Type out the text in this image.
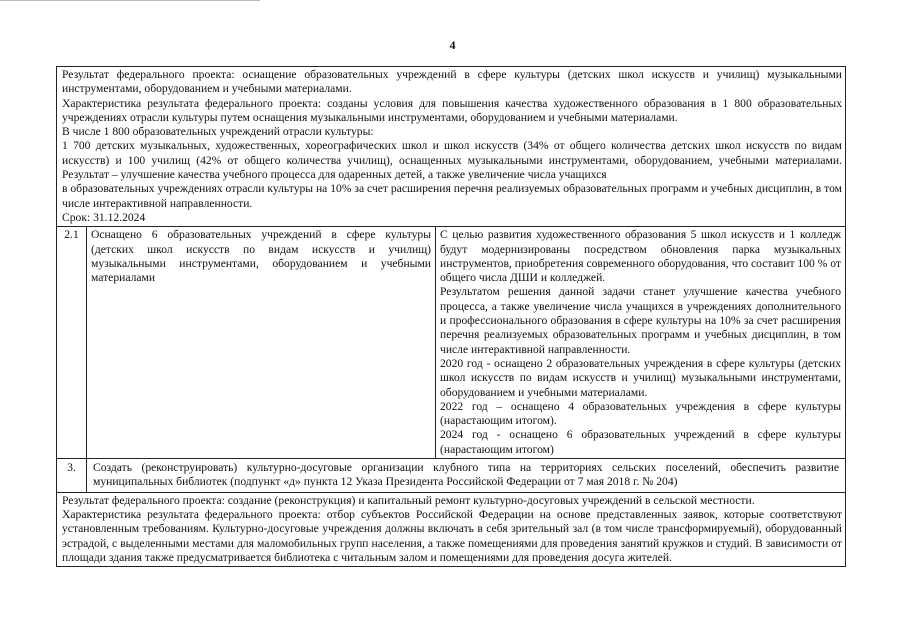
4

Результат федерального проекта: оснащение образовательных учреждений в сфере культуры (детских школ искусств и училищ) музыкальными инструментами, оборудованием и учебными материалами.

Характеристика результата федерального проекта: созданы условия для повышения качества художественного образования в 1 800 образовательных учреждениях отрасли культуры путем оснащения музыкальными инструментами, оборудованием и учебными материалами.

В числе 1 800 образовательных учреждений отрасли культуры:

1 700 детских музыкальных, художественных, хореографических школ и школ искусств (34% от общего количества детских школ искусств по видам искусств) и 100 училищ (42% от общего количества училищ), оснащенных музыкальными инструментами, оборудованием, учебными материалами. Результат – улучшение качества учебного процесса для одаренных детей, а также увеличение числа учащихся

в образовательных учреждениях отрасли культуры на 10% за счет расширения перечня реализуемых образовательных программ и учебных дисциплин, в том числе интерактивной направленности.

Срок: 31.12.2024

2.1	Оснащено 6 образовательных учреждений в сфере культуры (детских школ искусств по видам искусств и училищ) музыкальными инструментами, оборудованием и учебными материалами

С целью развития художественного образования 5 школ искусств и 1 колледж будут модернизированы посредством обновления парка музыкальных инструментов, приобретения современного оборудования, что составит 100 % от общего числа ДШИ и колледжей.

Результатом решения данной задачи станет улучшение качества учебного процесса, а также увеличение числа учащихся в учреждениях дополнительного и профессионального образования в сфере культуры на 10% за счет расширения перечня реализуемых образовательных программ и учебных дисциплин, в том числе интерактивной направленности.

2020 год - оснащено 2 образовательных учреждения в сфере культуры (детских школ искусств по видам искусств и училищ) музыкальными инструментами, оборудованием и учебными материалами.

2022 год – оснащено 4 образовательных учреждения в сфере культуры (нарастающим итогом).

2024 год - оснащено 6 образовательных учреждений в сфере культуры (нарастающим итогом)

3.	Создать (реконструировать) культурно-досуговые организации клубного типа на территориях сельских поселений, обеспечить развитие муниципальных библиотек (подпункт «д» пункта 12 Указа Президента Российской Федерации от 7 мая 2018 г. № 204)

Результат федерального проекта: создание (реконструкция) и капитальный ремонт культурно-досуговых учреждений в сельской местности.

Характеристика результата федерального проекта: отбор субъектов Российской Федерации на основе представленных заявок, которые соответствуют установленным требованиям. Культурно-досуговые учреждения должны включать в себя зрительный зал (в том числе трансформируемый), оборудованный эстрадой, с выделенными местами для маломобильных групп населения, а также помещениями для проведения занятий кружков и студий. В зависимости от площади здания также предусматривается библиотека с читальным залом и помещениями для проведения досуга жителей.
